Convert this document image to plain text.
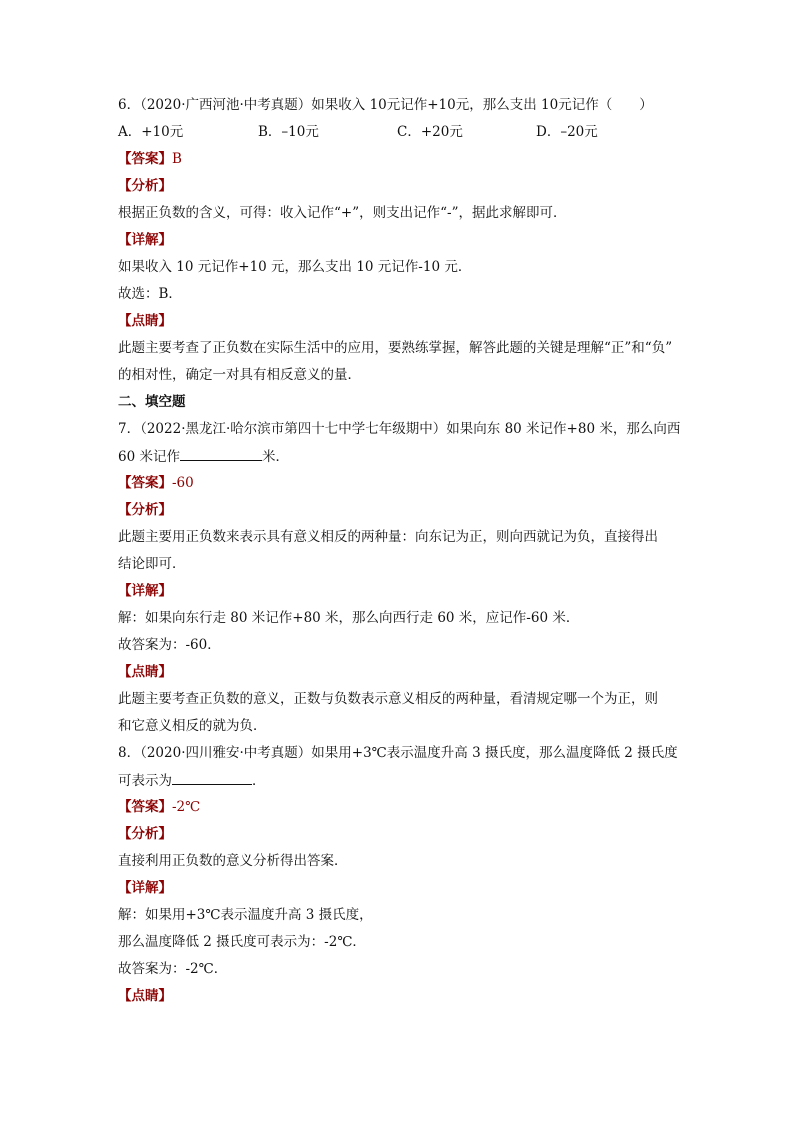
6．（2020·广西河池·中考真题）如果收入 10元记作+10元，那么支出 10元记作（　　）
A．+10元	B．–10元	C．+20元	D．–20元
【答案】B
【分析】
根据正负数的含义，可得：收入记作“+”，则支出记作“-”，据此求解即可．
【详解】
如果收入 10 元记作+10 元，那么支出 10 元记作-10 元．
故选：B．
【点睛】
此题主要考查了正负数在实际生活中的应用，要熟练掌握，解答此题的关键是理解“正”和“负”
的相对性，确定一对具有相反意义的量．
二、填空题
7．（2022·黑龙江·哈尔滨市第四十七中学七年级期中）如果向东 80 米记作+80 米，那么向西
60 米记作	米．
【答案】-60
【分析】
此题主要用正负数来表示具有意义相反的两种量：向东记为正，则向西就记为负，直接得出
结论即可．
【详解】
解：如果向东行走 80 米记作+80 米，那么向西行走 60 米，应记作-60 米．
故答案为：-60．
【点睛】
此题主要考查正负数的意义，正数与负数表示意义相反的两种量，看清规定哪一个为正，则
和它意义相反的就为负．
8．（2020·四川雅安·中考真题）如果用+3℃表示温度升高 3 摄氏度，那么温度降低 2 摄氏度
可表示为	．
【答案】-2℃
【分析】
直接利用正负数的意义分析得出答案．
【详解】
解：如果用+3℃表示温度升高 3 摄氏度，
那么温度降低 2 摄氏度可表示为：-2℃．
故答案为：-2℃．
【点睛】
